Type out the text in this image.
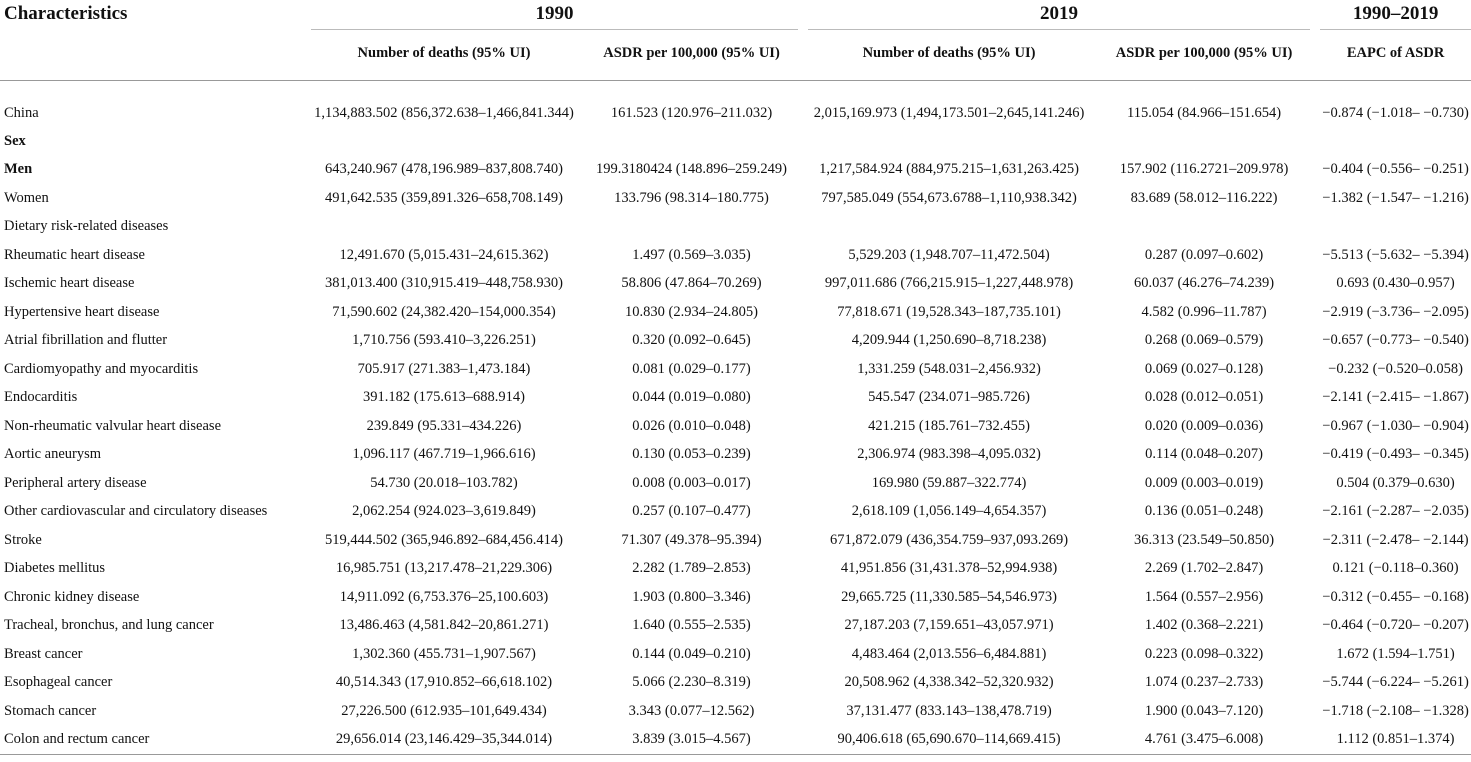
Characteristics		1990				2019				1990–2019
		Number of deaths (95% UI)		ASDR per 100,000 (95% UI)		Number of deaths (95% UI)		ASDR per 100,000 (95% UI)		EAPC of ASDR
China		1,134,883.502 (856,372.638–1,466,841.344)		161.523 (120.976–211.032)		2,015,169.973 (1,494,173.501–2,645,141.246)		115.054 (84.966–151.654)		−0.874 (−1.018– −0.730)
Sex										
Men		643,240.967 (478,196.989–837,808.740)		199.3180424 (148.896–259.249)		1,217,584.924 (884,975.215–1,631,263.425)		157.902 (116.2721–209.978)		−0.404 (−0.556– −0.251)
Women		491,642.535 (359,891.326–658,708.149)		133.796 (98.314–180.775)		797,585.049 (554,673.6788–1,110,938.342)		83.689 (58.012–116.222)		−1.382 (−1.547– −1.216)
Dietary risk-related diseases										
Rheumatic heart disease		12,491.670 (5,015.431–24,615.362)		1.497 (0.569–3.035)		5,529.203 (1,948.707–11,472.504)		0.287 (0.097–0.602)		−5.513 (−5.632– −5.394)
Ischemic heart disease		381,013.400 (310,915.419–448,758.930)		58.806 (47.864–70.269)		997,011.686 (766,215.915–1,227,448.978)		60.037 (46.276–74.239)		0.693 (0.430–0.957)
Hypertensive heart disease		71,590.602 (24,382.420–154,000.354)		10.830 (2.934–24.805)		77,818.671 (19,528.343–187,735.101)		4.582 (0.996–11.787)		−2.919 (−3.736– −2.095)
Atrial fibrillation and flutter		1,710.756 (593.410–3,226.251)		0.320 (0.092–0.645)		4,209.944 (1,250.690–8,718.238)		0.268 (0.069–0.579)		−0.657 (−0.773– −0.540)
Cardiomyopathy and myocarditis		705.917 (271.383–1,473.184)		0.081 (0.029–0.177)		1,331.259 (548.031–2,456.932)		0.069 (0.027–0.128)		−0.232 (−0.520–0.058)
Endocarditis		391.182 (175.613–688.914)		0.044 (0.019–0.080)		545.547 (234.071–985.726)		0.028 (0.012–0.051)		−2.141 (−2.415– −1.867)
Non-rheumatic valvular heart disease		239.849 (95.331–434.226)		0.026 (0.010–0.048)		421.215 (185.761–732.455)		0.020 (0.009–0.036)		−0.967 (−1.030– −0.904)
Aortic aneurysm		1,096.117 (467.719–1,966.616)		0.130 (0.053–0.239)		2,306.974 (983.398–4,095.032)		0.114 (0.048–0.207)		−0.419 (−0.493– −0.345)
Peripheral artery disease		54.730 (20.018–103.782)		0.008 (0.003–0.017)		169.980 (59.887–322.774)		0.009 (0.003–0.019)		0.504 (0.379–0.630)
Other cardiovascular and circulatory diseases		2,062.254 (924.023–3,619.849)		0.257 (0.107–0.477)		2,618.109 (1,056.149–4,654.357)		0.136 (0.051–0.248)		−2.161 (−2.287– −2.035)
Stroke		519,444.502 (365,946.892–684,456.414)		71.307 (49.378–95.394)		671,872.079 (436,354.759–937,093.269)		36.313 (23.549–50.850)		−2.311 (−2.478– −2.144)
Diabetes mellitus		16,985.751 (13,217.478–21,229.306)		2.282 (1.789–2.853)		41,951.856 (31,431.378–52,994.938)		2.269 (1.702–2.847)		0.121 (−0.118–0.360)
Chronic kidney disease		14,911.092 (6,753.376–25,100.603)		1.903 (0.800–3.346)		29,665.725 (11,330.585–54,546.973)		1.564 (0.557–2.956)		−0.312 (−0.455– −0.168)
Tracheal, bronchus, and lung cancer		13,486.463 (4,581.842–20,861.271)		1.640 (0.555–2.535)		27,187.203 (7,159.651–43,057.971)		1.402 (0.368–2.221)		−0.464 (−0.720– −0.207)
Breast cancer		1,302.360 (455.731–1,907.567)		0.144 (0.049–0.210)		4,483.464 (2,013.556–6,484.881)		0.223 (0.098–0.322)		1.672 (1.594–1.751)
Esophageal cancer		40,514.343 (17,910.852–66,618.102)		5.066 (2.230–8.319)		20,508.962 (4,338.342–52,320.932)		1.074 (0.237–2.733)		−5.744 (−6.224– −5.261)
Stomach cancer		27,226.500 (612.935–101,649.434)		3.343 (0.077–12.562)		37,131.477 (833.143–138,478.719)		1.900 (0.043–7.120)		−1.718 (−2.108– −1.328)
Colon and rectum cancer		29,656.014 (23,146.429–35,344.014)		3.839 (3.015–4.567)		90,406.618 (65,690.670–114,669.415)		4.761 (3.475–6.008)		1.112 (0.851–1.374)
